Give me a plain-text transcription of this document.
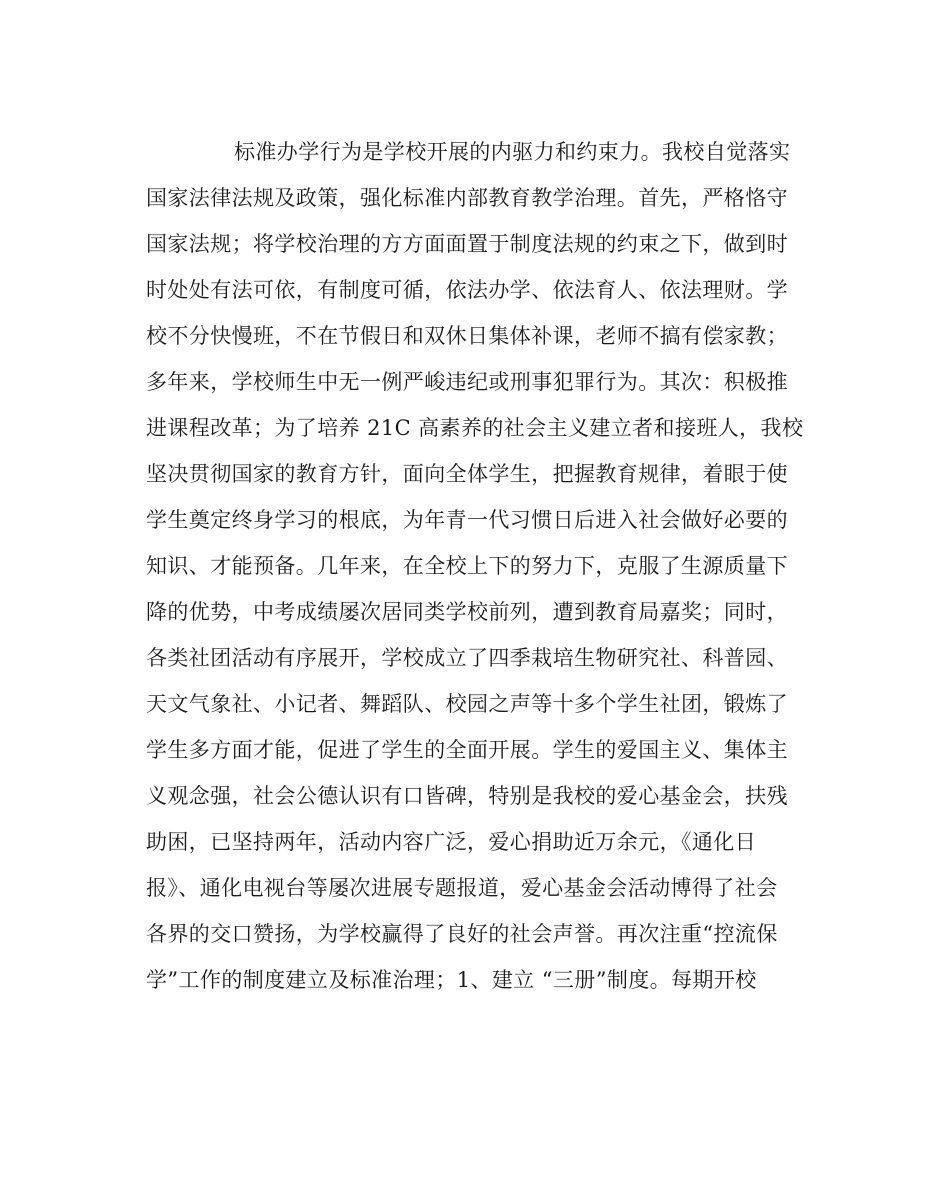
标准办学行为是学校开展的内驱力和约束力。我校自觉落实
国家法律法规及政策，强化标准内部教育教学治理。首先，严格恪守
国家法规；将学校治理的方方面面置于制度法规的约束之下，做到时
时处处有法可依，有制度可循，依法办学、依法育人、依法理财。学
校不分快慢班，不在节假日和双休日集体补课，老师不搞有偿家教；
多年来，学校师生中无一例严峻违纪或刑事犯罪行为。其次：积极推
进课程改革；为了培养 21C 高素养的社会主义建立者和接班人，我校
坚决贯彻国家的教育方针，面向全体学生，把握教育规律，着眼于使
学生奠定终身学习的根底，为年青一代习惯日后进入社会做好必要的
知识、才能预备。几年来，在全校上下的努力下，克服了生源质量下
降的优势，中考成绩屡次居同类学校前列，遭到教育局嘉奖；同时，
各类社团活动有序展开，学校成立了四季栽培生物研究社、科普园、
天文气象社、小记者、舞蹈队、校园之声等十多个学生社团，锻炼了
学生多方面才能，促进了学生的全面开展。学生的爱国主义、集体主
义观念强，社会公德认识有口皆碑，特别是我校的爱心基金会，扶残
助困，已坚持两年，活动内容广泛，爱心捐助近万余元，《通化日
报》、通化电视台等屡次进展专题报道，爱心基金会活动博得了社会
各界的交口赞扬，为学校赢得了良好的社会声誉。再次注重“控流保
学”工作的制度建立及标准治理；1、建立 “三册”制度。每期开校
